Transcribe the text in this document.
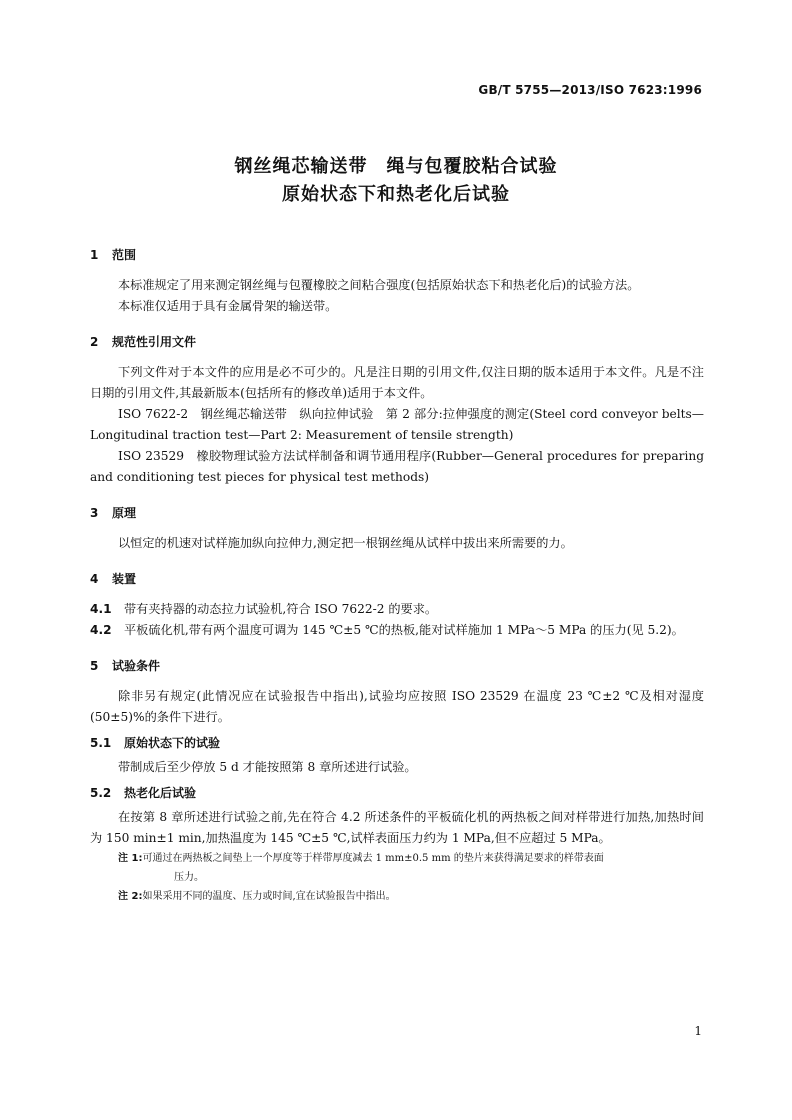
GB/T 5755—2013/ISO 7623:1996
钢丝绳芯输送带　绳与包覆胶粘合试验
原始状态下和热老化后试验
1 范围

本标准规定了用来测定钢丝绳与包覆橡胶之间粘合强度(包括原始状态下和热老化后)的试验方法。

本标准仅适用于具有金属骨架的输送带。

2 规范性引用文件

下列文件对于本文件的应用是必不可少的。凡是注日期的引用文件,仅注日期的版本适用于本文件。凡是不注日期的引用文件,其最新版本(包括所有的修改单)适用于本文件。

ISO 7622-2　钢丝绳芯输送带　纵向拉伸试验　第 2 部分:拉伸强度的测定(Steel cord conveyor belts—Longitudinal traction test—Part 2: Measurement of tensile strength)

ISO 23529　橡胶物理试验方法试样制备和调节通用程序(Rubber—General procedures for preparing and conditioning test pieces for physical test methods)

3 原理

以恒定的机速对试样施加纵向拉伸力,测定把一根钢丝绳从试样中拔出来所需要的力。

4 装置
4.1 带有夹持器的动态拉力试验机,符合 ISO 7622-2 的要求。
4.2 平板硫化机,带有两个温度可调为 145 ℃±5 ℃的热板,能对试样施加 1 MPa～5 MPa 的压力(见 5.2)。
5 试验条件

除非另有规定(此情况应在试验报告中指出),试验均应按照 ISO 23529 在温度 23 ℃±2 ℃及相对湿度(50±5)%的条件下进行。

5.1 原始状态下的试验

带制成后至少停放 5 d 才能按照第 8 章所述进行试验。

5.2 热老化后试验

在按第 8 章所述进行试验之前,先在符合 4.2 所述条件的平板硫化机的两热板之间对样带进行加热,加热时间为 150 min±1 min,加热温度为 145 ℃±5 ℃,试样表面压力约为 1 MPa,但不应超过 5 MPa。

注 1:可通过在两热板之间垫上一个厚度等于样带厚度减去 1 mm±0.5 mm 的垫片来获得满足要求的样带表面
压力。
注 2:如果采用不同的温度、压力或时间,宜在试验报告中指出。
1
